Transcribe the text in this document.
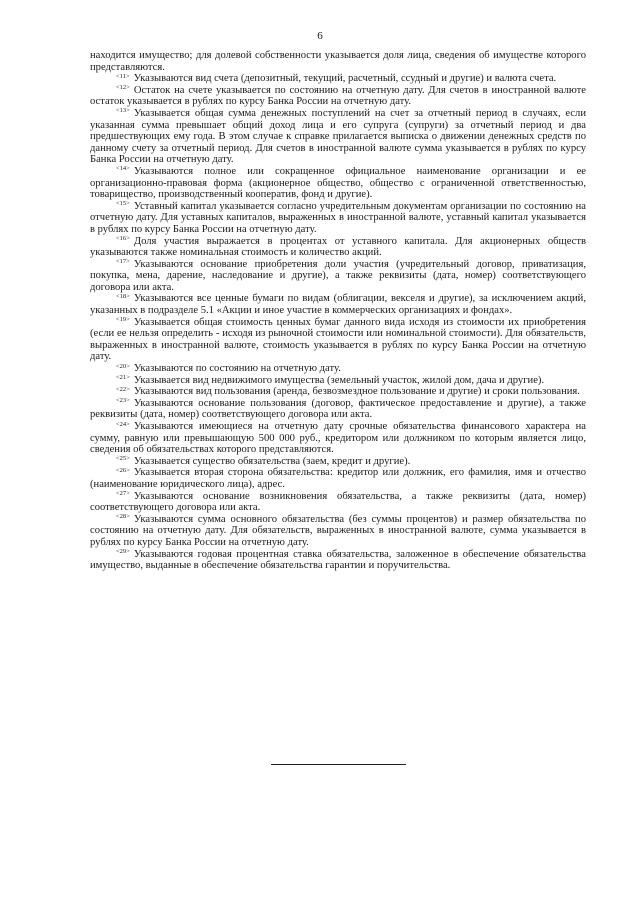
6

находится имущество; для долевой собственности указывается доля лица, сведения об имуществе которого представляются.

$^{<11>}$ Указываются вид счета (депозитный, текущий, расчетный, ссудный и другие) и валюта счета.

$^{<12>}$ Остаток на счете указывается по состоянию на отчетную дату. Для счетов в иностранной валюте остаток указывается в рублях по курсу Банка России на отчетную дату.

$^{<13>}$ Указывается общая сумма денежных поступлений на счет за отчетный период в случаях, если указанная сумма превышает общий доход лица и его супруга (супруги) за отчетный период и два предшествующих ему года. В этом случае к справке прилагается выписка о движении денежных средств по данному счету за отчетный период. Для счетов в иностранной валюте сумма указывается в рублях по курсу Банка России на отчетную дату.

$^{<14>}$ Указываются полное или сокращенное официальное наименование организации и ее организационно-правовая форма (акционерное общество, общество с ограниченной ответственностью, товарищество, производственный кооператив, фонд и другие).

$^{<15>}$ Уставный капитал указывается согласно учредительным документам организации по состоянию на отчетную дату. Для уставных капиталов, выраженных в иностранной валюте, уставный капитал указывается в рублях по курсу Банка России на отчетную дату.

$^{<16>}$ Доля участия выражается в процентах от уставного капитала. Для акционерных обществ указываются также номинальная стоимость и количество акций.

$^{<17>}$ Указываются основание приобретения доли участия (учредительный договор, приватизация, покупка, мена, дарение, наследование и другие), а также реквизиты (дата, номер) соответствующего договора или акта.

$^{<18>}$ Указываются все ценные бумаги по видам (облигации, векселя и другие), за исключением акций, указанных в подразделе 5.1 «Акции и иное участие в коммерческих организациях и фондах».

$^{<19>}$ Указывается общая стоимость ценных бумаг данного вида исходя из стоимости их приобретения (если ее нельзя определить - исходя из рыночной стоимости или номинальной стоимости). Для обязательств, выраженных в иностранной валюте, стоимость указывается в рублях по курсу Банка России на отчетную дату.

$^{<20>}$ Указываются по состоянию на отчетную дату.

$^{<21>}$ Указывается вид недвижимого имущества (земельный участок, жилой дом, дача и другие).

$^{<22>}$ Указываются вид пользования (аренда, безвозмездное пользование и другие) и сроки пользования.

$^{<23>}$ Указываются основание пользования (договор, фактическое предоставление и другие), а также реквизиты (дата, номер) соответствующего договора или акта.

$^{<24>}$ Указываются имеющиеся на отчетную дату срочные обязательства финансового характера на сумму, равную или превышающую 500 000 руб., кредитором или должником по которым является лицо, сведения об обязательствах которого представляются.

$^{<25>}$ Указывается существо обязательства (заем, кредит и другие).

$^{<26>}$ Указывается вторая сторона обязательства: кредитор или должник, его фамилия, имя и отчество (наименование юридического лица), адрес.

$^{<27>}$ Указываются основание возникновения обязательства, а также реквизиты (дата, номер) соответствующего договора или акта.

$^{<28>}$ Указываются сумма основного обязательства (без суммы процентов) и размер обязательства по состоянию на отчетную дату. Для обязательств, выраженных в иностранной валюте, сумма указывается в рублях по курсу Банка России на отчетную дату.

$^{<29>}$ Указываются годовая процентная ставка обязательства, заложенное в обеспечение обязательства имущество, выданные в обеспечение обязательства гарантии и поручительства.
